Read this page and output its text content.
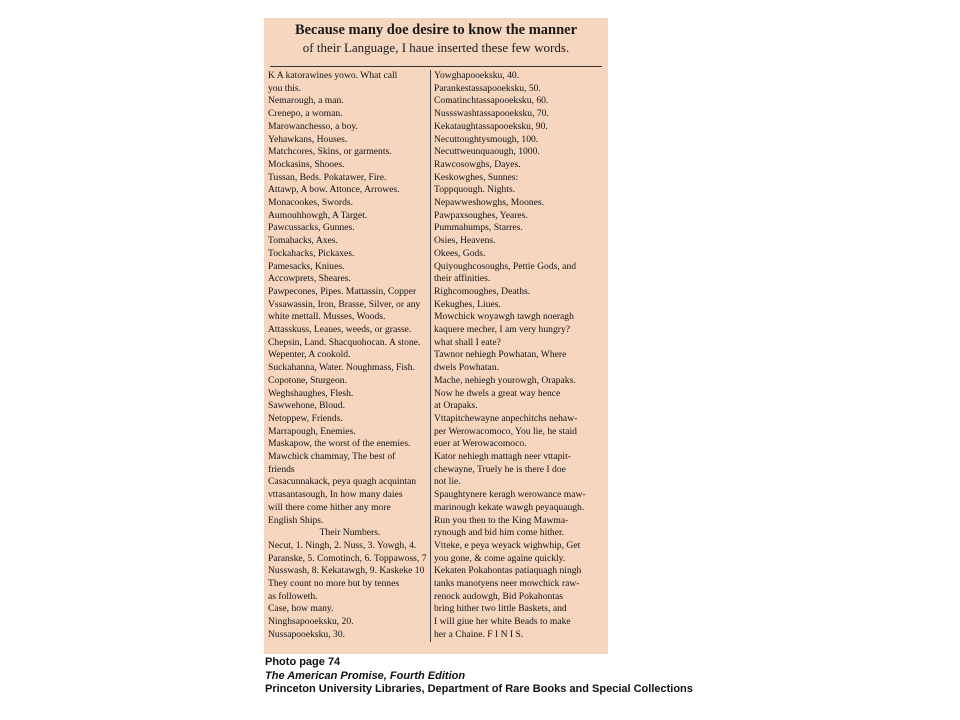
Because many doe desire to know the manner
of their Language, I haue inserted these few words.
K A katorawines yowo. What call
you this.
Nemarough, a man.
Crenepo, a woman.
Marowanchesso, a boy.
Yehawkans, Houses.
Matchcores, Skins, or garments.
Mockasins, Shooes.
Tussan, Beds. Pokatawer, Fire.
Attawp, A bow. Attonce, Arrowes.
Monacookes, Swords.
Aumouhhowgh, A Target.
Pawcussacks, Gunnes.
Tomahacks, Axes.
Tockahacks, Pickaxes.
Pamesacks, Kniues.
Accowprets, Sheares.
Pawpecones, Pipes. Mattassin, Copper
Vssawassin, Iron, Brasse, Silver, or any
white mettall. Musses, Woods.
Attasskuss, Leaues, weeds, or grasse.
Chepsin, Land. Shacquohocan. A stone.
Wepenter, A cookold.
Suckahanna, Water. Noughmass, Fish.
Copotone, Sturgeon.
Weghshaughes, Flesh.
Sawwehone, Bloud.
Netoppew, Friends.
Marrapough, Enemies.
Maskapow, the worst of the enemies.
Mawchick chammay, The best of
friends
Casacunnakack, peya quagh acquintan
vttasantasough, In how many daies
will there come hither any more
English Ships.
Their Numbers.
Necut, 1. Ningh, 2. Nuss, 3. Yowgh, 4.
Paranske, 5. Comotinch, 6. Toppawoss, 7
Nusswash, 8. Kekatawgh, 9. Kaskeke 10
They count no more but by tennes
as followeth.
Case, how many.
Ninghsapooeksku, 20.
Nussapooeksku, 30.
Yowghapooeksku, 40.
Parankestassapooeksku, 50.
Comatinchtassapooeksku, 60.
Nussswashtassapooeksku, 70.
Kekataughtassapooeksku, 90.
Necuttoughtysmough, 100.
Necuttweunquaough, 1000.
Rawcosowghs, Dayes.
Keskowghes, Sunnes:
Toppquough. Nights.
Nepawweshowghs, Moones.
Pawpaxsoughes, Yeares.
Pummahumps, Starres.
Osies, Heavens.
Okees, Gods.
Quiyoughcosoughs, Pettie Gods, and
their affinities.
Righcomoughes, Deaths.
Kekughes, Liues.
Mowchick woyawgh tawgh noeragh
kaquere mecher, I am very hungry?
what shall I eate?
Tawnor nehiegh Powhatan, Where
dwels Powhatan.
Mache, nehiegh yourowgh, Orapaks.
Now he dwels a great way hence
at Orapaks.
Vttapitchewayne anpechitchs nehaw-
per Werowacomoco, You lie, he staid
euer at Werowacomoco.
Kator nehiegh mattagh neer vttapit-
chewayne, Truely he is there I doe
not lie.
Spaughtynere keragh werowance maw-
marinough kekate wawgh peyaquaugh.
Run you then to the King Mawma-
rynough and bid him come hither.
Vtteke, e peya weyack wighwhip, Get
you gone, & come againe quickly.
Kekaten Pokahontas patiaquagh ningh
tanks manotyens neer mowchick raw-
renock audowgh, Bid Pokahontas
bring hither two little Baskets, and
I will giue her white Beads to make
her a Chaine. F I N I S.
Photo page 74
The American Promise, Fourth Edition
Princeton University Libraries, Department of Rare Books and Special Collections
